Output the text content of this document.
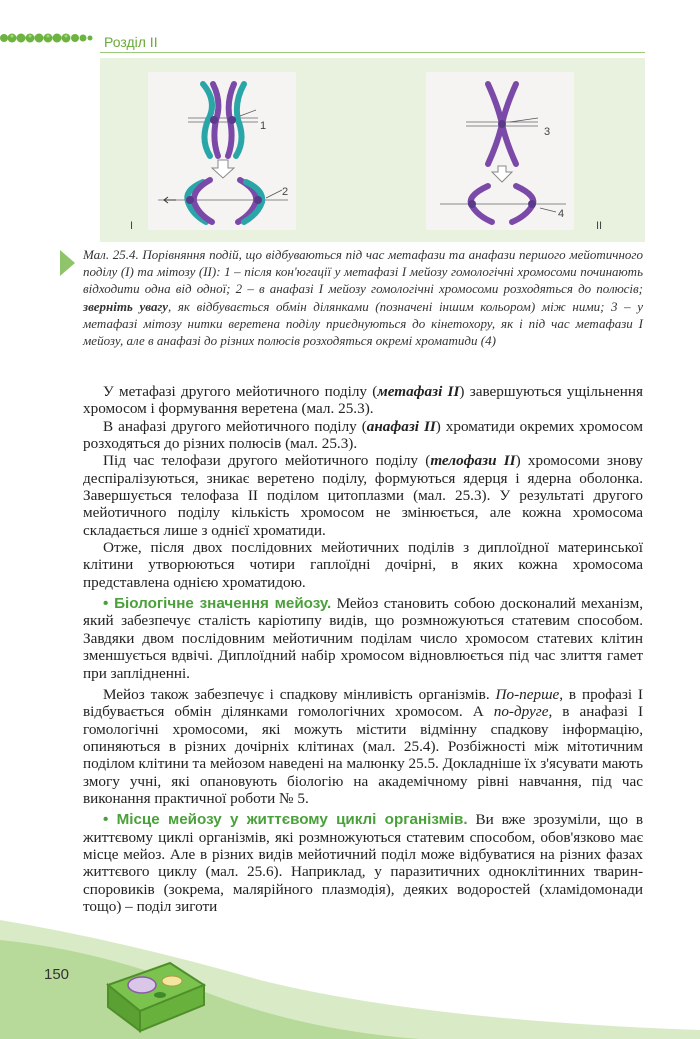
Розділ ІІ
1
2
I
3
4
II
Мал. 25.4. Порівняння подій, що відбуваються під час метафази та анафази першого мейотичного поділу (І) та мітозу (ІІ): 1 – після кон'югації у метафазі І мейозу гомологічні хромосоми починають відходити одна від одної; 2 – в анафазі І мейозу гомологічні хромосоми розходяться до полюсів; зверніть увагу, як відбувається обмін ділянками (позначені іншим кольором) між ними; 3 – у метафазі мітозу нитки веретена поділу приєднуються до кінетохору, як і під час метафази І мейозу, але в анафазі до різних полюсів розходяться окремі хроматиди (4)

У метафазі другого мейотичного поділу (метафазі ІІ) завершуються ущільнення хромосом і формування веретена (мал. 25.3).

В анафазі другого мейотичного поділу (анафазі ІІ) хроматиди окремих хромосом розходяться до різних полюсів (мал. 25.3).

Під час телофази другого мейотичного поділу (телофази ІІ) хромосоми знову деспіралізуються, зникає веретено поділу, формуються ядерця і ядерна оболонка. Завершується телофаза ІІ поділом цитоплазми (мал. 25.3). У результаті другого мейотичного поділу кількість хромосом не змінюється, але кожна хромосома складається лише з однієї хроматиди.

Отже, після двох послідовних мейотичних поділів з диплоїдної материнської клітини утворюються чотири гаплоїдні дочірні, в яких кожна хромосома представлена однією хроматидою.

• Біологічне значення мейозу. Мейоз становить собою досконалий механізм, який забезпечує сталість каріотипу видів, що розмножуються статевим способом. Завдяки двом послідовним мейотичним поділам число хромосом статевих клітин зменшується вдвічі. Диплоїдний набір хромосом відновлюється під час злиття гамет при заплідненні.

Мейоз також забезпечує і спадкову мінливість організмів. По-перше, в профазі І відбувається обмін ділянками гомологічних хромосом. А по-друге, в анафазі І гомологічні хромосоми, які можуть містити відмінну спадкову інформацію, опиняються в різних дочірніх клітинах (мал. 25.4). Розбіжності між мітотичним поділом клітини та мейозом наведені на малюнку 25.5. Докладніше їх з'ясувати мають змогу учні, які опановують біологію на академічному рівні навчання, під час виконання практичної роботи № 5.

• Місце мейозу у життєвому циклі організмів. Ви вже зрозуміли, що в життєвому циклі організмів, які розмножуються статевим способом, обов'язково має місце мейоз. Але в різних видів мейотичний поділ може відбуватися на різних фазах життєвого циклу (мал. 25.6). Наприклад, у паразитичних одноклітинних тварин-споровиків (зокрема, малярійного плазмодія), деяких водоростей (хламідомонади тощо) – поділ зиготи

150
